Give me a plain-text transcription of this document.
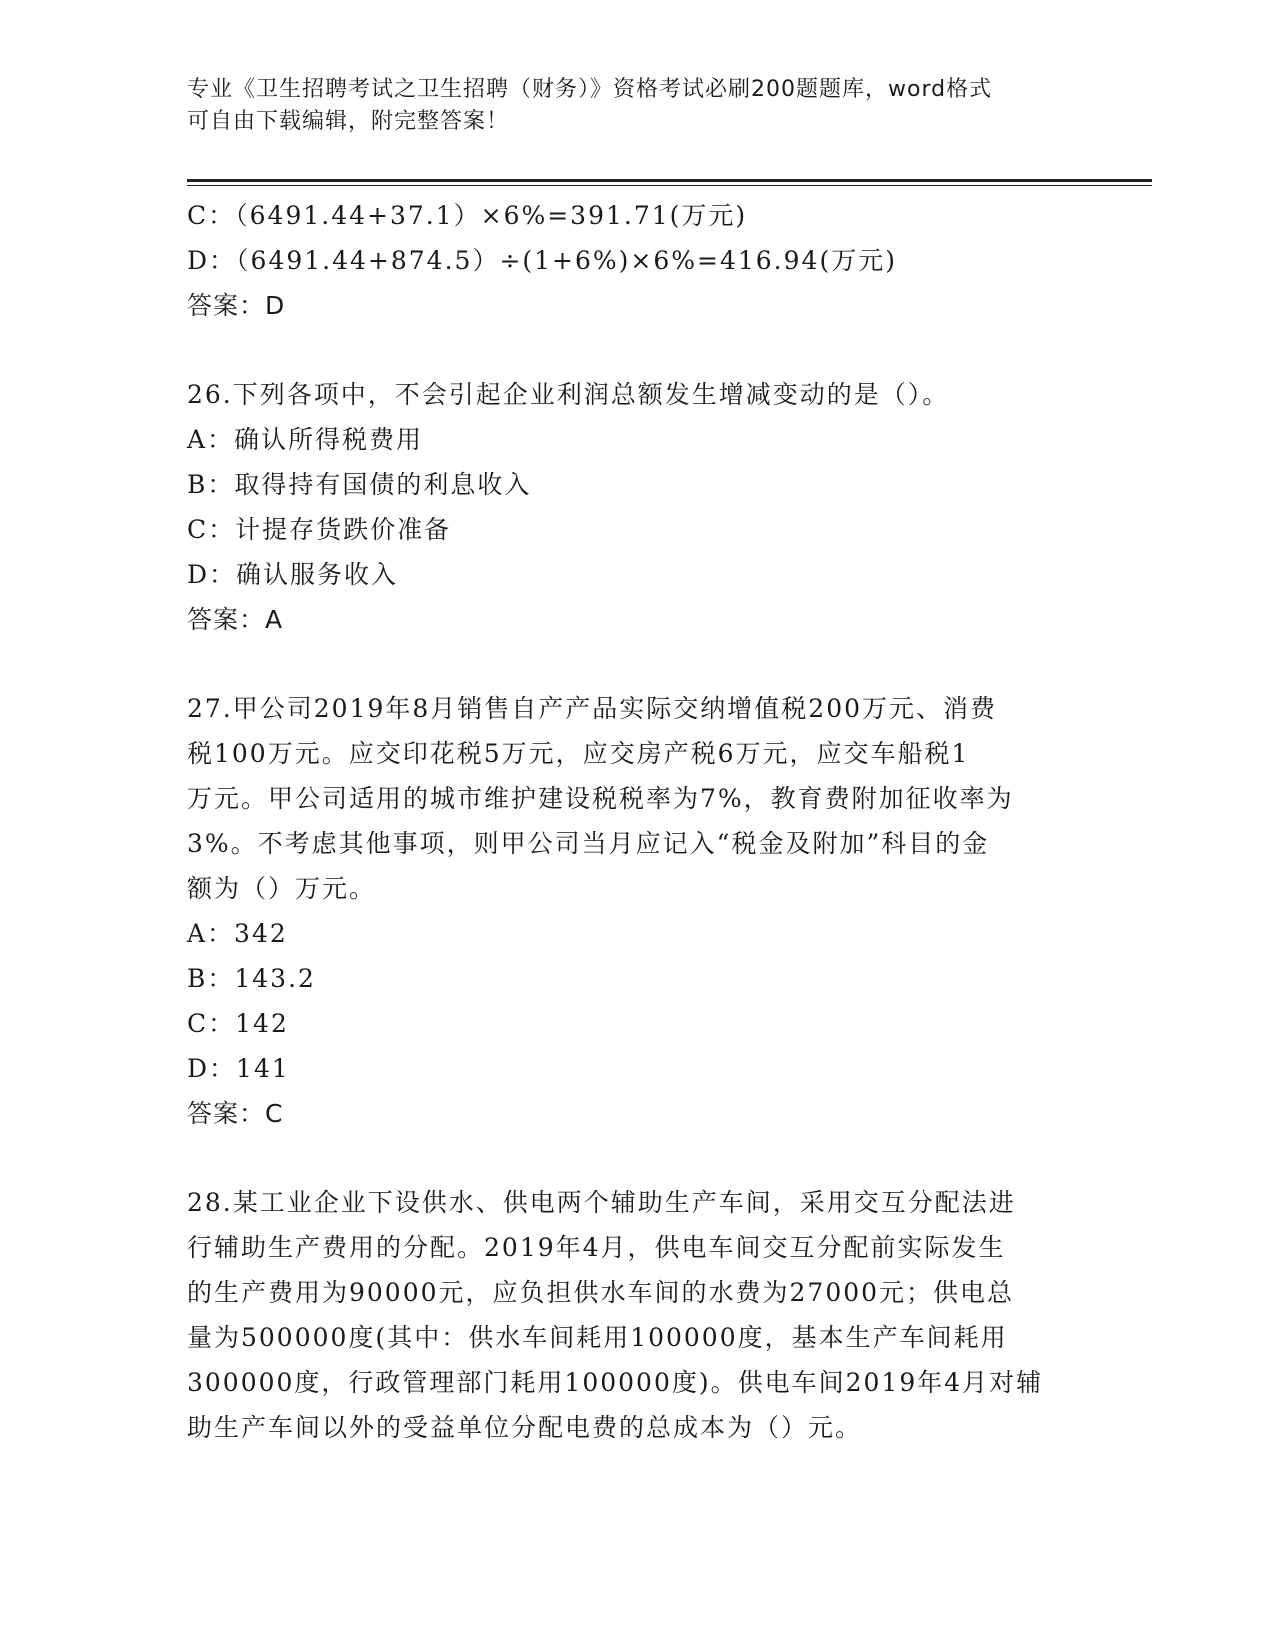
专业《卫生招聘考试之卫生招聘（财务）》资格考试必刷200题题库，word格式
可自由下载编辑，附完整答案！
C：（6491.44+37.1）×6%=391.71(万元)
D：（6491.44+874.5）÷(1+6%)×6%=416.94(万元)
答案：D
26.下列各项中，不会引起企业利润总额发生增减变动的是（）。
A：确认所得税费用
B：取得持有国债的利息收入
C：计提存货跌价准备
D：确认服务收入
答案：A
27.甲公司2019年8月销售自产产品实际交纳增值税200万元、消费
税100万元。应交印花税5万元，应交房产税6万元，应交车船税1
万元。甲公司适用的城市维护建设税税率为7%，教育费附加征收率为
3%。不考虑其他事项，则甲公司当月应记入“税金及附加”科目的金
额为（）万元。
A：342
B：143.2
C：142
D：141
答案：C
28.某工业企业下设供水、供电两个辅助生产车间，采用交互分配法进
行辅助生产费用的分配。2019年4月，供电车间交互分配前实际发生
的生产费用为90000元，应负担供水车间的水费为27000元；供电总
量为500000度(其中：供水车间耗用100000度，基本生产车间耗用
300000度，行政管理部门耗用100000度)。供电车间2019年4月对辅
助生产车间以外的受益单位分配电费的总成本为（）元。
